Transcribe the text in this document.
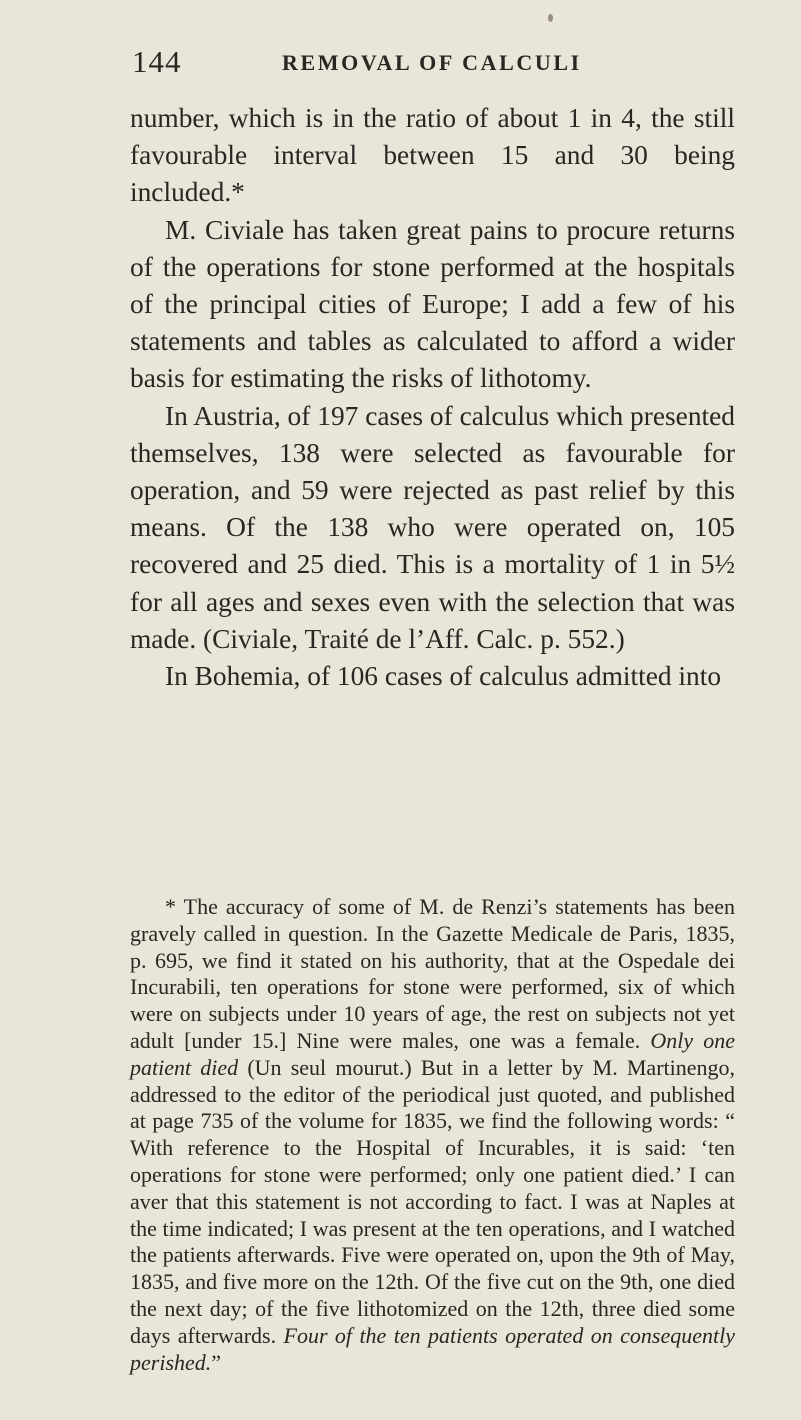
144	REMOVAL OF CALCULI

number, which is in the ratio of about 1 in 4, the still favourable interval between 15 and 30 being included.*

M. Civiale has taken great pains to procure returns of the operations for stone performed at the hospitals of the principal cities of Europe; I add a few of his statements and tables as calculated to afford a wider basis for estimating the risks of lithotomy.

In Austria, of 197 cases of calculus which presented themselves, 138 were selected as favourable for operation, and 59 were rejected as past relief by this means. Of the 138 who were operated on, 105 recovered and 25 died. This is a mortality of 1 in 5½ for all ages and sexes even with the selection that was made. (Civiale, Traité de l’Aff. Calc. p. 552.)

In Bohemia, of 106 cases of calculus admitted into

* The accuracy of some of M. de Renzi’s statements has been gravely called in question. In the Gazette Medicale de Paris, 1835, p. 695, we find it stated on his authority, that at the Ospedale dei Incurabili, ten operations for stone were performed, six of which were on subjects under 10 years of age, the rest on subjects not yet adult [under 15.] Nine were males, one was a female. Only one patient died (Un seul mourut.) But in a letter by M. Martinengo, addressed to the editor of the periodical just quoted, and published at page 735 of the volume for 1835, we find the following words: “ With reference to the Hospital of Incurables, it is said: ‘ten operations for stone were performed; only one patient died.’ I can aver that this statement is not according to fact. I was at Naples at the time indicated; I was present at the ten operations, and I watched the patients afterwards. Five were operated on, upon the 9th of May, 1835, and five more on the 12th. Of the five cut on the 9th, one died the next day; of the five lithotomized on the 12th, three died some days afterwards. Four of the ten patients operated on consequently perished.”
